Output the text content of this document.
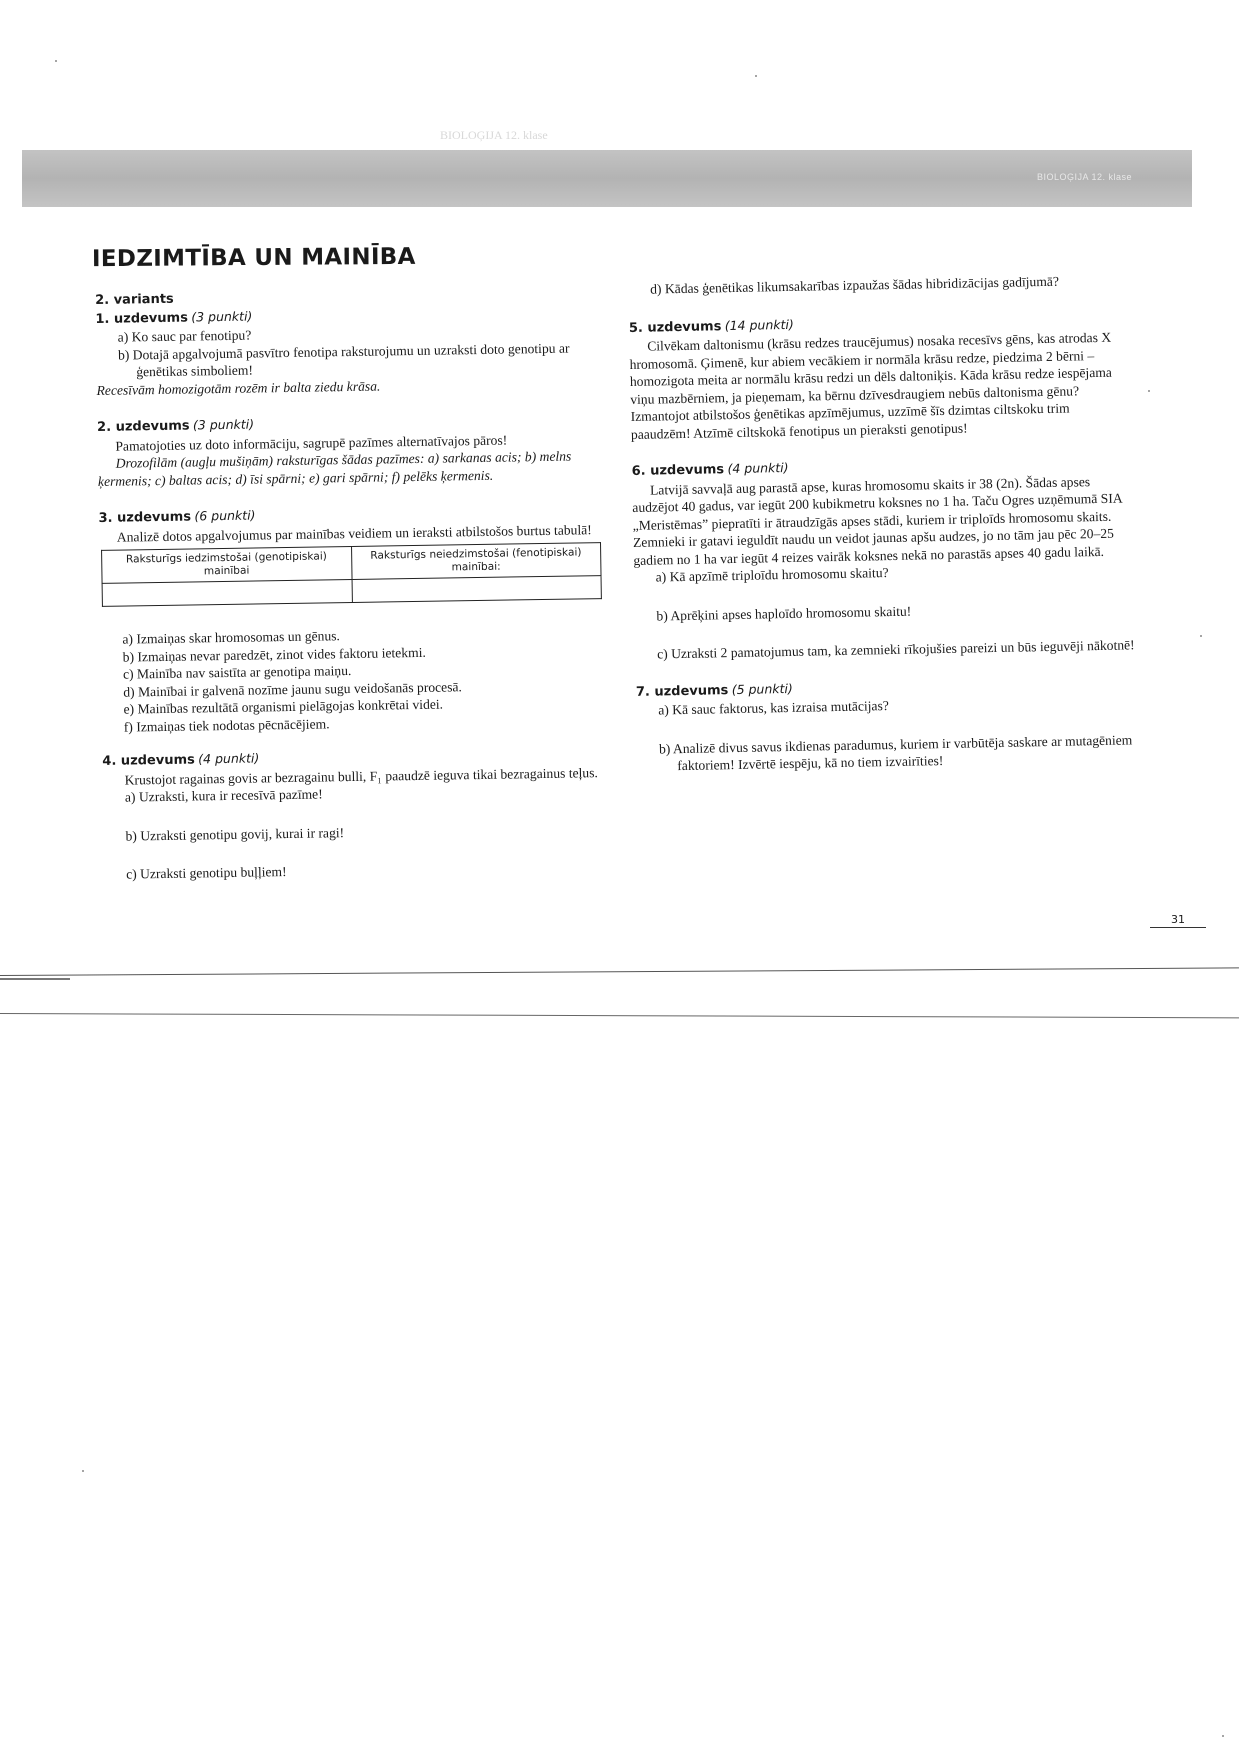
BIOLOĢIJA 12. klase
BIOLOĢIJA 12. klase
IEDZIMTĪBA UN MAINĪBA
2. variants
1. uzdevums (3 punkti)

a) Ko sauc par fenotipu?

b) Dotajā apgalvojumā pasvītro fenotipa raksturojumu un uzraksti doto genotipu ar ģenētikas simboliem!

Recesīvām homozigotām rozēm ir balta ziedu krāsa.

2. uzdevums (3 punkti)

Pamatojoties uz doto informāciju, sagrupē pazīmes alternatīvajos pāros!

Drozofilām (augļu mušiņām) raksturīgas šādas pazīmes: a) sarkanas acis; b) melns ķermenis; c) baltas acis; d) īsi spārni; e) gari spārni; f) pelēks ķermenis.

3. uzdevums (6 punkti)

Analizē dotos apgalvojumus par mainības veidiem un ieraksti atbilstošos burtus tabulā!

Raksturīgs iedzimstošai (genotipiskai) mainībai	Raksturīgs neiedzimstošai (fenotipiskai) mainībai:

a) Izmaiņas skar hromosomas un gēnus.

b) Izmaiņas nevar paredzēt, zinot vides faktoru ietekmi.

c) Mainība nav saistīta ar genotipa maiņu.

d) Mainībai ir galvenā nozīme jaunu sugu veidošanās procesā.

e) Mainības rezultātā organismi pielāgojas konkrētai videi.

f) Izmaiņas tiek nodotas pēcnācējiem.

4. uzdevums (4 punkti)

Krustojot ragainas govis ar bezragainu bulli, F₁ paaudzē ieguva tikai bezragainus teļus.

a) Uzraksti, kura ir recesīvā pazīme!

b) Uzraksti genotipu govij, kurai ir ragi!

c) Uzraksti genotipu buļļiem!

d) Kādas ģenētikas likumsakarības izpaužas šādas hibridizācijas gadījumā?

5. uzdevums (14 punkti)

Cilvēkam daltonismu (krāsu redzes traucējumus) nosaka recesīvs gēns, kas atrodas X hromosomā. Ģimenē, kur abiem vecākiem ir normāla krāsu redze, piedzima 2 bērni – homozigota meita ar normālu krāsu redzi un dēls daltoniķis. Kāda krāsu redze iespējama viņu mazbērniem, ja pieņemam, ka bērnu dzīvesdraugiem nebūs daltonisma gēnu? Izmantojot atbilstošos ģenētikas apzīmējumus, uzzīmē šīs dzimtas ciltskoku trim paaudzēm! Atzīmē ciltskokā fenotipus un pieraksti genotipus!

6. uzdevums (4 punkti)

Latvijā savvaļā aug parastā apse, kuras hromosomu skaits ir 38 (2n). Šādas apses audzējot 40 gadus, var iegūt 200 kubikmetru koksnes no 1 ha. Taču Ogres uzņēmumā SIA „Meristēmas” piepratīti ir ātraudzīgās apses stādi, kuriem ir triploīds hromosomu skaits. Zemnieki ir gatavi ieguldīt naudu un veidot jaunas apšu audzes, jo no tām jau pēc 20–25 gadiem no 1 ha var iegūt 4 reizes vairāk koksnes nekā no parastās apses 40 gadu laikā.

a) Kā apzīmē triploīdu hromosomu skaitu?

b) Aprēķini apses haploīdo hromosomu skaitu!

c) Uzraksti 2 pamatojumus tam, ka zemnieki rīkojušies pareizi un būs ieguvēji nākotnē!

7. uzdevums (5 punkti)

a) Kā sauc faktorus, kas izraisa mutācijas?

b) Analizē divus savus ikdienas paradumus, kuriem ir varbūtēja saskare ar mutagēniem faktoriem! Izvērtē iespēju, kā no tiem izvairīties!

31
